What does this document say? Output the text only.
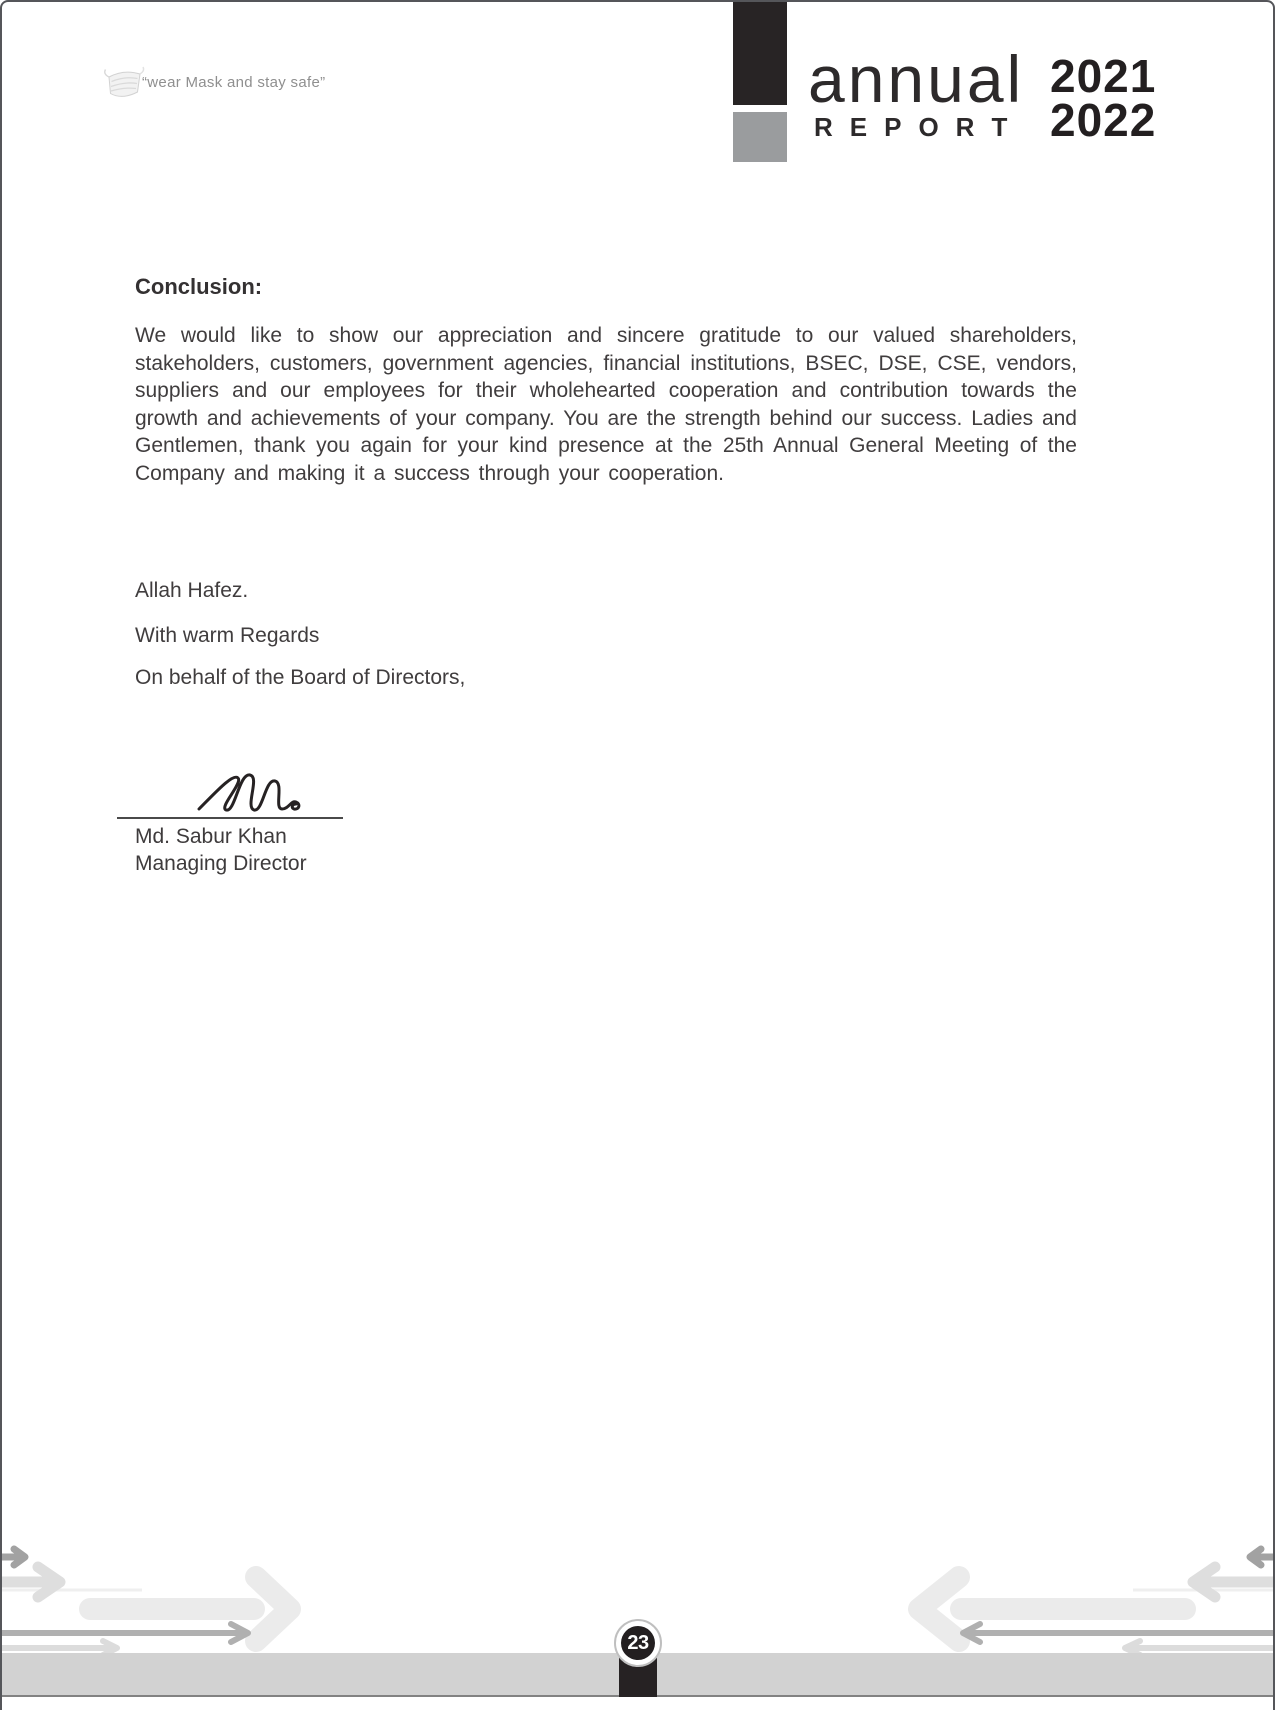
“wear Mask and stay safe”	annual
REPORT
2021
2022
Conclusion:

We would like to show our appreciation and sincere gratitude to our valued shareholders, stakeholders, customers, government agencies, financial institutions, BSEC, DSE, CSE, vendors, suppliers and our employees for their wholehearted cooperation and contribution towards the growth and achievements of your company. You are the strength behind our success. Ladies and Gentlemen, thank you again for your kind presence at the 25th Annual General Meeting of the Company and making it a success through your cooperation.

Allah Hafez.

With warm Regards

On behalf of the Board of Directors,

Md. Sabur Khan

Managing Director

23
